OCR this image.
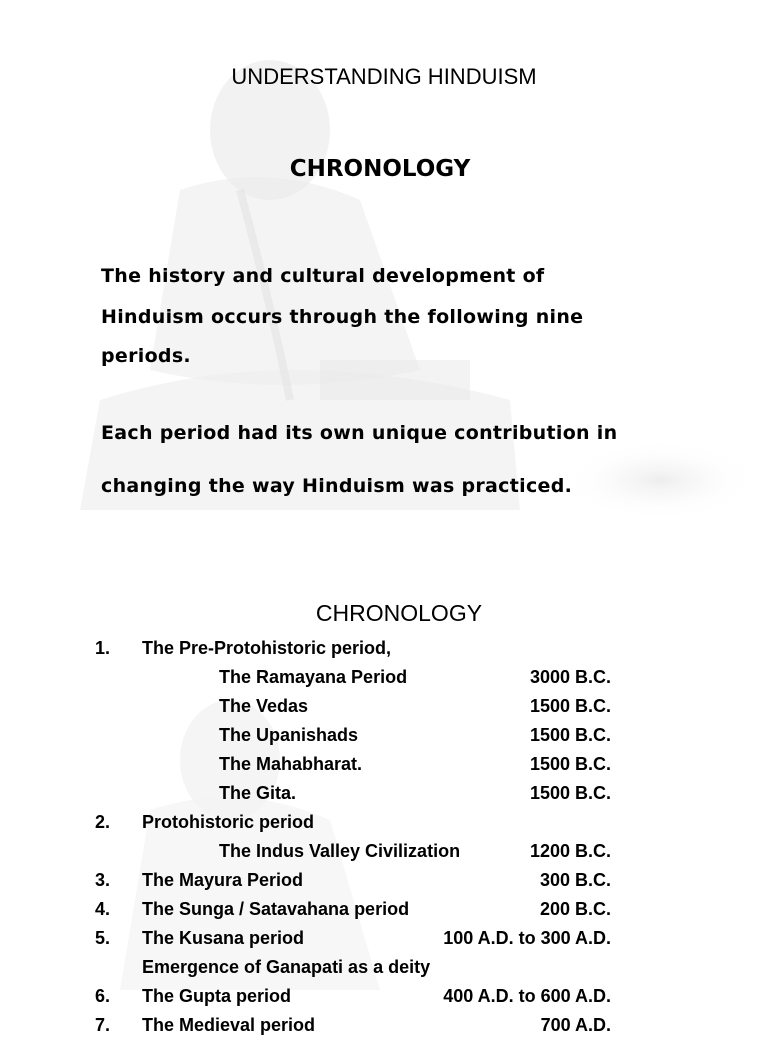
UNDERSTANDING HINDUISM
CHRONOLOGY
The history and cultural development of
Hinduism occurs through the following nine
periods.
Each period had its own unique contribution in
changing the way Hinduism was practiced.
CHRONOLOGY
1. The Pre-Protohistoric period,
The Ramayana Period	3000 B.C.
The Vedas	1500 B.C.
The Upanishads	1500 B.C.
The Mahabharat.	1500 B.C.
The Gita.	1500 B.C.
2. Protohistoric period
The Indus Valley Civilization	1200 B.C.
3. The Mayura Period	300 B.C.
4. The Sunga / Satavahana period	200 B.C.
5. The Kusana period	100 A.D. to 300 A.D.
Emergence of Ganapati as a deity
6. The Gupta period	400 A.D. to 600 A.D.
7. The Medieval period	700 A.D.
